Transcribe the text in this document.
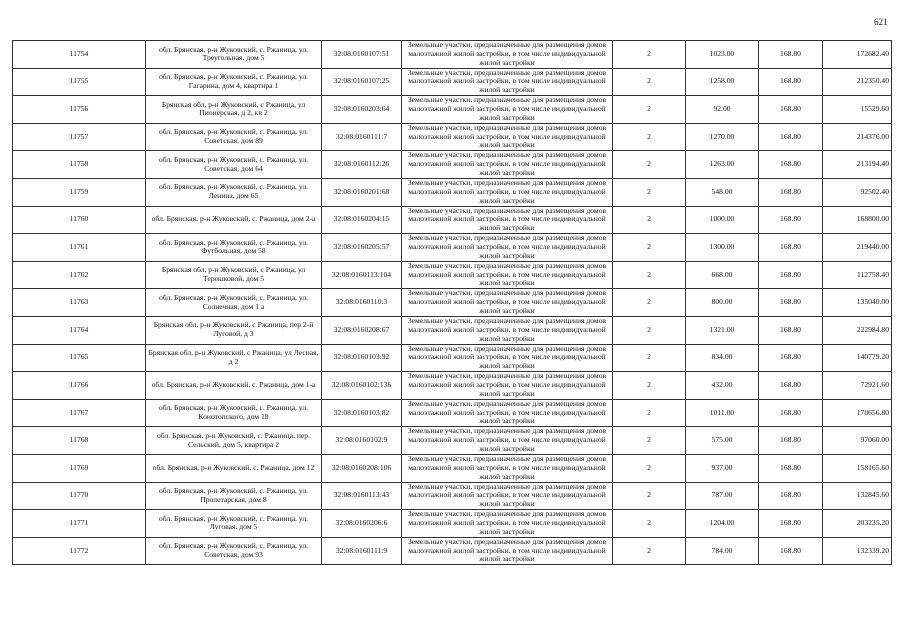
621
11754	обл. Брянская, р-н Жуковский, с. Ржаница, ул. Треугольная, дом 5	32:08:0160107:51	Земельные участки, предназначенные для размещения домов малоэтажной жилой застройки, в том числе индивидуальной жилой застройки	2	1023.00	168.80	172682.40
11755	обл. Брянская, р-н Жуковский, с. Ржаница, ул. Гагарина, дом 4, квартира 1	32:08:0160107:25	Земельные участки, предназначенные для размещения домов малоэтажной жилой застройки, в том числе индивидуальной жилой застройки	2	1258.00	168.80	212350.40
11756	Брянская обл, р-н Жуковский, с Ржаница, ул Пионерская, д 2, кв 2	32:08:0160203:64	Земельные участки, предназначенные для размещения домов малоэтажной жилой застройки, в том числе индивидуальной жилой застройки	2	92.00	168.80	15529.60
11757	обл. Брянская, р-н Жуковский, с. Ржаница, ул. Советская, дом 89	32:08:0160111:7	Земельные участки, предназначенные для размещения домов малоэтажной жилой застройки, в том числе индивидуальной жилой застройки	2	1270.00	168.80	214376.00
11758	обл. Брянская, р-н Жуковский, с. Ржаница, ул. Советская, дом 64	32:08:0160112:26	Земельные участки, предназначенные для размещения домов малоэтажной жилой застройки, в том числе индивидуальной жилой застройки	2	1263.00	168.80	213194.40
11759	обл. Брянская, р-н Жуковский, с. Ржаница, ул. Ленина, дом 65	32:08:0160201:68	Земельные участки, предназначенные для размещения домов малоэтажной жилой застройки, в том числе индивидуальной жилой застройки	2	548.00	168.80	92502.40
11760	обл. Брянская, р-н Жуковский, с. Ржаница, дом 2-а	32:08:0160204:15	Земельные участки, предназначенные для размещения домов малоэтажной жилой застройки, в том числе индивидуальной жилой застройки	2	1000.00	168.80	168800.00
11761	обл. Брянская, р-н Жуковский, с. Ржаница, ул. Футбольная, дом 58	32:08:0160205:57	Земельные участки, предназначенные для размещения домов малоэтажной жилой застройки, в том числе индивидуальной жилой застройки	2	1300.00	168.80	219440.00
11762	Брянская обл, р-н Жуковский, с Ржаница, ул Терешковой, дом 5	32:08:0160113:104	Земельные участки, предназначенные для размещения домов малоэтажной жилой застройки, в том числе индивидуальной жилой застройки	2	668.00	168.80	112758.40
11763	обл. Брянская, р-н Жуковский, с. Ржаница, ул. Солнечная, дом 1 а	32:08:0160110:3	Земельные участки, предназначенные для размещения домов малоэтажной жилой застройки, в том числе индивидуальной жилой застройки	2	800.00	168.80	135040.00
11764	Брянская обл, р-н Жуковский, с Ржаница, пер 2-й Луговой, д 3	32:08:0160208:67	Земельные участки, предназначенные для размещения домов малоэтажной жилой застройки, в том числе индивидуальной жилой застройки	2	1321.00	168.80	222984.80
11765	Брянская обл, р-н Жуковский, с Ржаница, ул Лесная, д 2	32:08:0160103:92	Земельные участки, предназначенные для размещения домов малоэтажной жилой застройки, в том числе индивидуальной жилой застройки	2	834.00	168.80	140779.20
11766	обл. Брянская, р-н Жуковский, с. Ржаница, дом 1-а	32:08:0160102:136	Земельные участки, предназначенные для размещения домов малоэтажной жилой застройки, в том числе индивидуальной жилой застройки	2	432.00	168.80	72921.60
11767	обл. Брянская, р-н Жуковский, с. Ржаница, ул. Конотопского, дом 18	32:08:0160103:82	Земельные участки, предназначенные для размещения домов малоэтажной жилой застройки, в том числе индивидуальной жилой застройки	2	1011.00	168.80	170656.80
11768	обл. Брянская, р-н Жуковский, с. Ржаница, пер. Сельский, дом 5, квартира 2	32:08:0160102:9	Земельные участки, предназначенные для размещения домов малоэтажной жилой застройки, в том числе индивидуальной жилой застройки	2	575.00	168.80	97060.00
11769	обл. Брянская, р-н Жуковский, с. Ржаница, дом 12	32:08:0160208:106	Земельные участки, предназначенные для размещения домов малоэтажной жилой застройки, в том числе индивидуальной жилой застройки	2	937.00	168.80	158165.60
11770	обл. Брянская, р-н Жуковский, с. Ржаница, ул. Пролетарская, дом 8	32:08:0160113:43	Земельные участки, предназначенные для размещения домов малоэтажной жилой застройки, в том числе индивидуальной жилой застройки	2	787.00	168.80	132845.60
11771	обл. Брянская, р-н Жуковский, с. Ржаница, ул. Луговая, дом 5	32:08:0160206:6	Земельные участки, предназначенные для размещения домов малоэтажной жилой застройки, в том числе индивидуальной жилой застройки	2	1204.00	168.80	203235.20
11772	обл. Брянская, р-н Жуковский, с. Ржаница, ул. Советская, дом 93	32:08:0160111:9	Земельные участки, предназначенные для размещения домов малоэтажной жилой застройки, в том числе индивидуальной жилой застройки	2	784.00	168.80	132339.20
